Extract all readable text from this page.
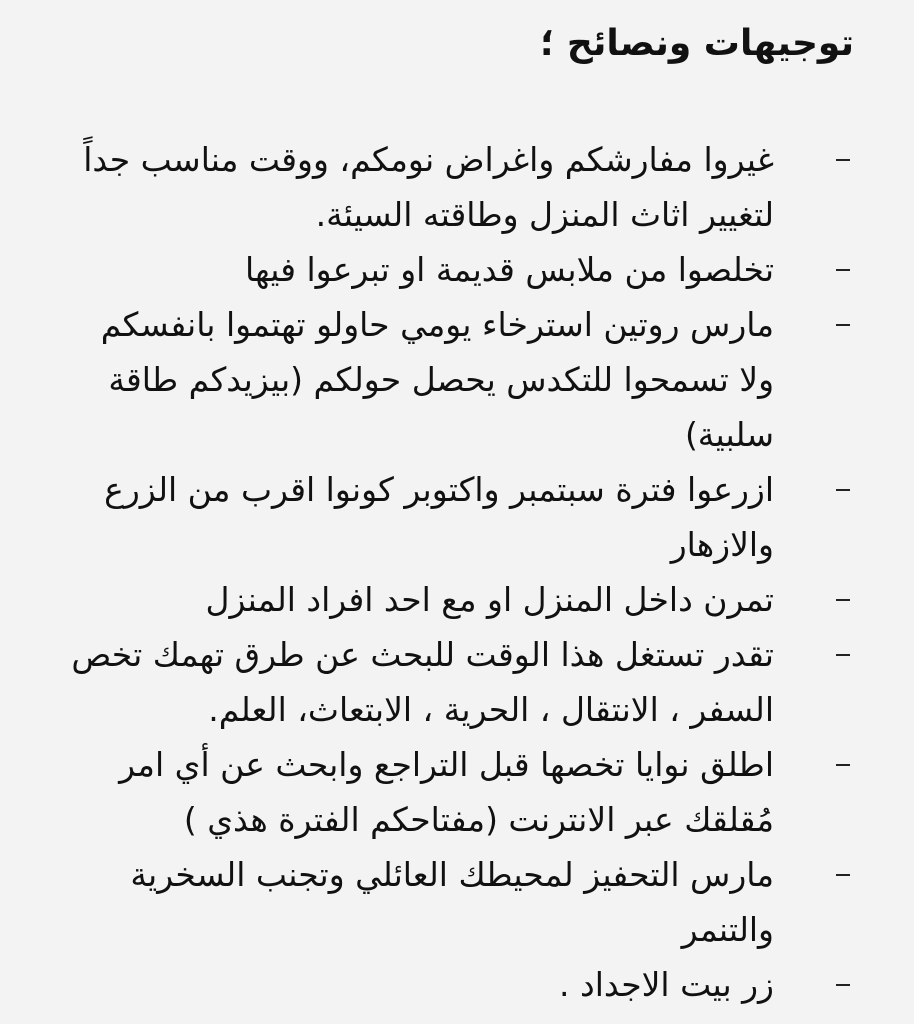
توجيهات ونصائح ؛
غيروا مفارشكم واغراض نومكم، ووقت مناسب جداً لتغيير اثاث المنزل وطاقته السيئة.
تخلصوا من ملابس قديمة او تبرعوا فيها
مارس روتين استرخاء يومي حاولو تهتموا بانفسكم ولا تسمحوا للتكدس يحصل حولكم (بيزيدكم طاقة سلبية)
ازرعوا فترة سبتمبر واكتوبر كونوا اقرب من الزرع والازهار
تمرن داخل المنزل او مع احد افراد المنزل
تقدر تستغل هذا الوقت للبحث عن طرق تهمك تخص السفر ، الانتقال ، الحرية ، الابتعاث، العلم.
اطلق نوايا تخصها قبل التراجع وابحث عن أي امر مُقلقك عبر الانترنت (مفتاحكم الفترة هذي )
مارس التحفيز لمحيطك العائلي وتجنب السخرية والتنمر
زر بيت الاجداد .
